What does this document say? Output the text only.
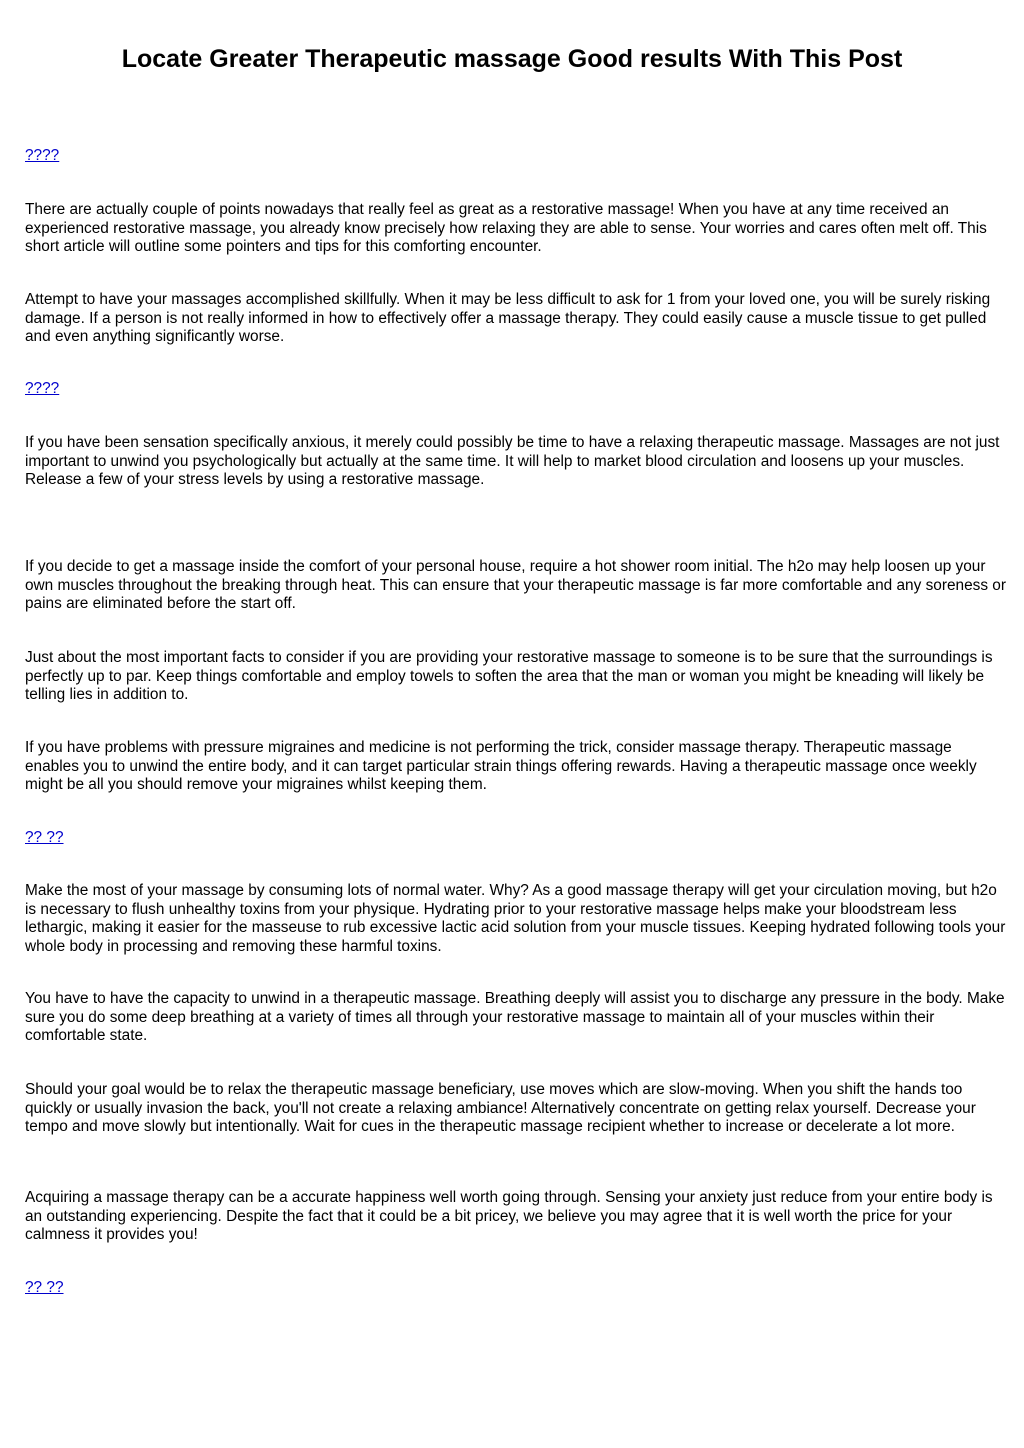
Locate Greater Therapeutic massage Good results With This Post

????

There are actually couple of points nowadays that really feel as great as a restorative massage! When you have at any time received an experienced restorative massage, you already know precisely how relaxing they are able to sense. Your worries and cares often melt off. This short article will outline some pointers and tips for this comforting encounter.

Attempt to have your massages accomplished skillfully. When it may be less difficult to ask for 1 from your loved one, you will be surely risking damage. If a person is not really informed in how to effectively offer a massage therapy. They could easily cause a muscle tissue to get pulled and even anything significantly worse.

????

If you have been sensation specifically anxious, it merely could possibly be time to have a relaxing therapeutic massage. Massages are not just important to unwind you psychologically but actually at the same time. It will help to market blood circulation and loosens up your muscles. Release a few of your stress levels by using a restorative massage.

If you decide to get a massage inside the comfort of your personal house, require a hot shower room initial. The h2o may help loosen up your own muscles throughout the breaking through heat. This can ensure that your therapeutic massage is far more comfortable and any soreness or pains are eliminated before the start off.

Just about the most important facts to consider if you are providing your restorative massage to someone is to be sure that the surroundings is perfectly up to par. Keep things comfortable and employ towels to soften the area that the man or woman you might be kneading will likely be telling lies in addition to.

If you have problems with pressure migraines and medicine is not performing the trick, consider massage therapy. Therapeutic massage enables you to unwind the entire body, and it can target particular strain things offering rewards. Having a therapeutic massage once weekly might be all you should remove your migraines whilst keeping them.

?? ??

Make the most of your massage by consuming lots of normal water. Why? As a good massage therapy will get your circulation moving, but h2o is necessary to flush unhealthy toxins from your physique. Hydrating prior to your restorative massage helps make your bloodstream less lethargic, making it easier for the masseuse to rub excessive lactic acid solution from your muscle tissues. Keeping hydrated following tools your whole body in processing and removing these harmful toxins.

You have to have the capacity to unwind in a therapeutic massage. Breathing deeply will assist you to discharge any pressure in the body. Make sure you do some deep breathing at a variety of times all through your restorative massage to maintain all of your muscles within their comfortable state.

Should your goal would be to relax the therapeutic massage beneficiary, use moves which are slow-moving. When you shift the hands too quickly or usually invasion the back, you'll not create a relaxing ambiance! Alternatively concentrate on getting relax yourself. Decrease your tempo and move slowly but intentionally. Wait for cues in the therapeutic massage recipient whether to increase or decelerate a lot more.

Acquiring a massage therapy can be a accurate happiness well worth going through. Sensing your anxiety just reduce from your entire body is an outstanding experiencing. Despite the fact that it could be a bit pricey, we believe you may agree that it is well worth the price for your calmness it provides you!

?? ??
